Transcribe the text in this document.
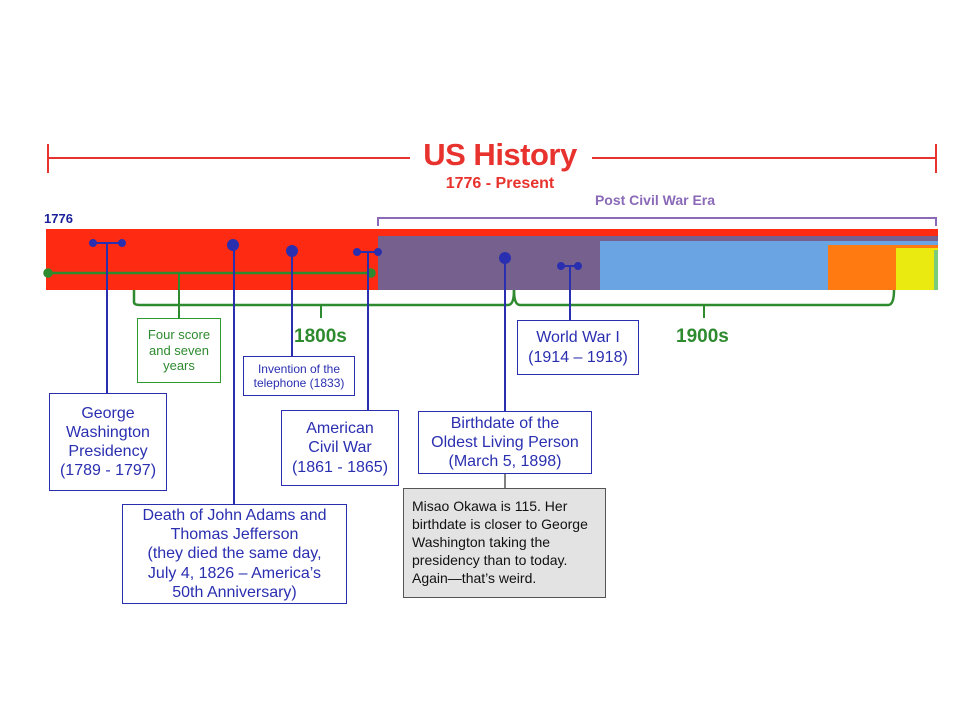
US History
1776 - Present
1776
Post Civil War Era
1800s	1900s
Four score
and seven
years
George
Washington
Presidency
(1789 - 1797)
Death of John Adams and
Thomas Jefferson
(they died the same day,
July 4, 1826 – America’s
50th Anniversary)
Invention of the
telephone (1833)
American
Civil War
(1861 - 1865)
Birthdate of the
Oldest Living Person
(March 5, 1898)
World War I
(1914 – 1918)
Misao Okawa is 115. Her birthdate is closer to George Washington taking the presidency than to today. Again—that’s weird.
